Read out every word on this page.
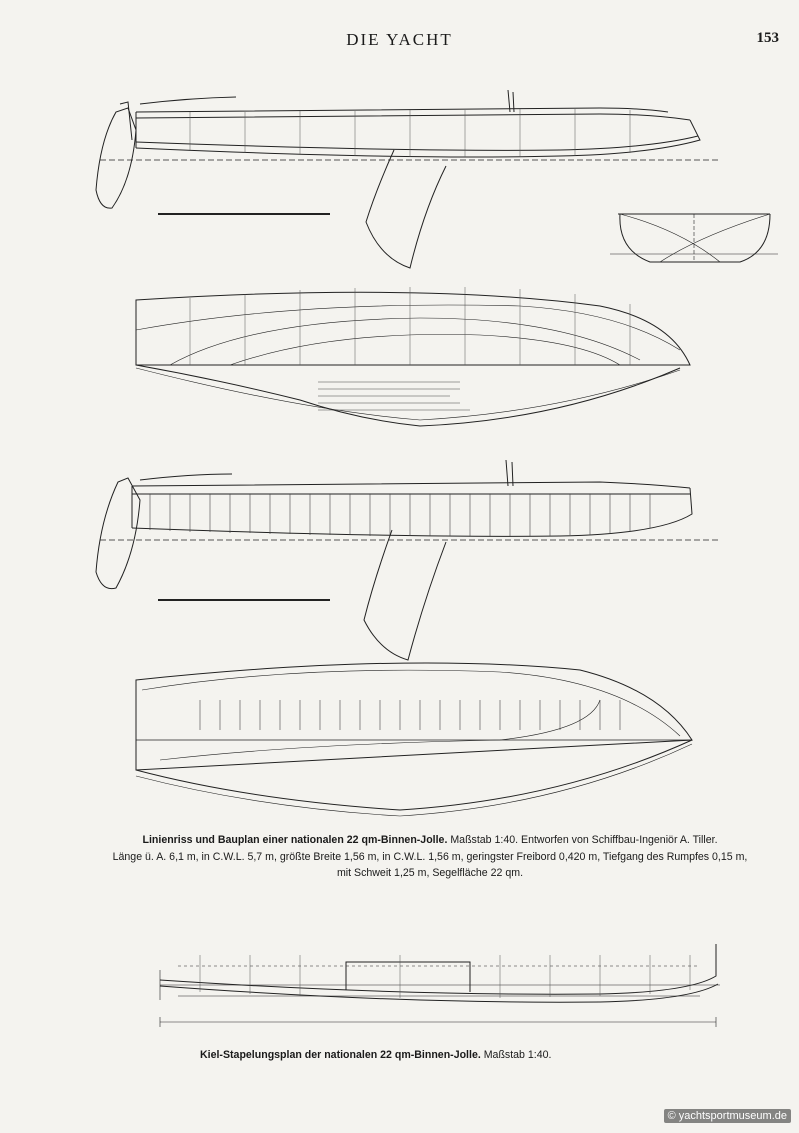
DIE YACHT	153
Linienriss und Bauplan einer nationalen 22 qm-Binnen-Jolle. Maßstab 1:40. Entworfen von Schiffbau-Ingeniör A. Tiller.
Länge ü. A. 6,1 m, in C.W.L. 5,7 m, größte Breite 1,56 m, in C.W.L. 1,56 m, geringster Freibord 0,420 m, Tiefgang des Rumpfes 0,15 m,
mit Schweit 1,25 m, Segelfläche 22 qm.
Kiel-Stapelungsplan der nationalen 22 qm-Binnen-Jolle. Maßstab 1:40.
© yachtsportmuseum.de
